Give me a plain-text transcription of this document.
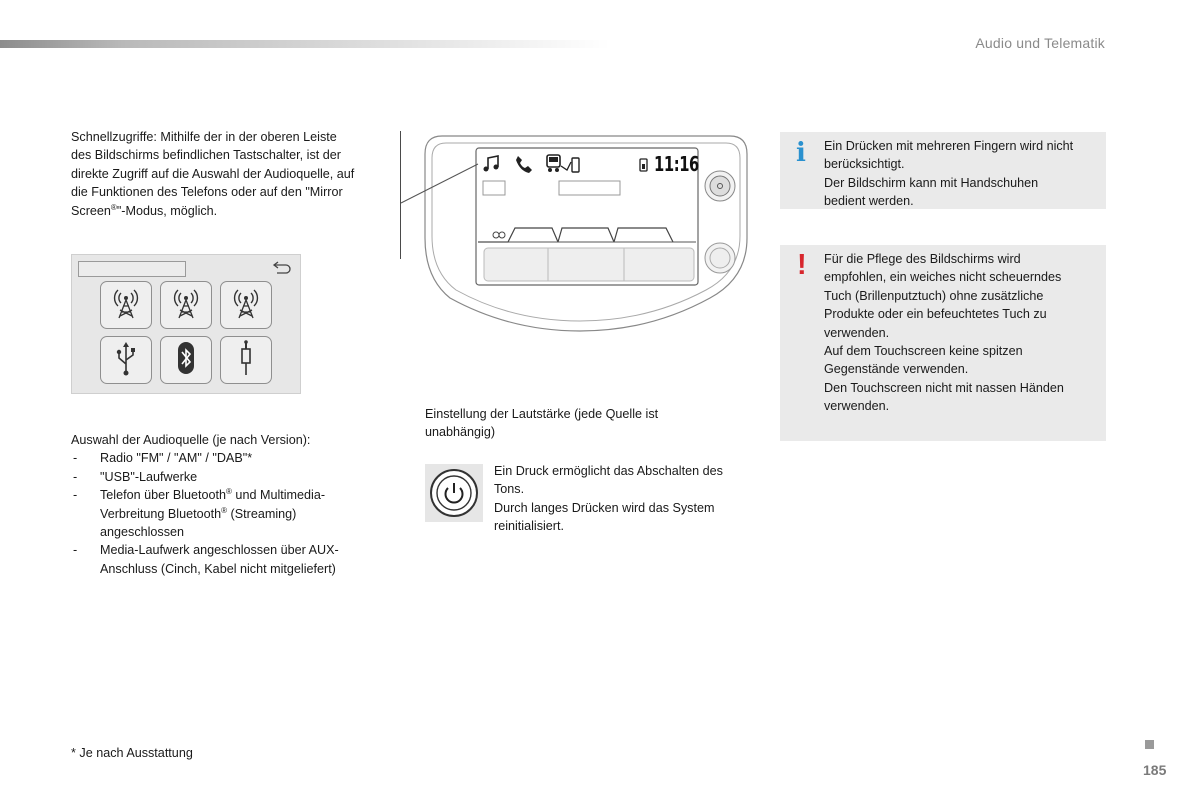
Audio und Telematik
Schnellzugriffe: Mithilfe der in der oberen Leiste
des Bildschirms befindlichen Tastschalter, ist der
direkte Zugriff auf die Auswahl der Audioquelle, auf
die Funktionen des Telefons oder auf den "Mirror
Screen®"-Modus, möglich.
Auswahl der Audioquelle (je nach Version):
- Radio "FM" / "AM" / "DAB"*
- "USB"-Laufwerke
- Telefon über Bluetooth® und Multimedia-
Verbreitung Bluetooth® (Streaming)
angeschlossen
- Media-Laufwerk angeschlossen über AUX-
Anschluss (Cinch, Kabel nicht mitgeliefert)
11:16
Einstellung der Lautstärke (jede Quelle ist
unabhängig)
Ein Druck ermöglicht das Abschalten des
Tons.
Durch langes Drücken wird das System
reinitialisiert.
i Ein Drücken mit mehreren Fingern wird nicht
berücksichtigt.
Der Bildschirm kann mit Handschuhen
bedient werden.
! Für die Pflege des Bildschirms wird
empfohlen, ein weiches nicht scheuerndes
Tuch (Brillenputztuch) ohne zusätzliche
Produkte oder ein befeuchtetes Tuch zu
verwenden.
Auf dem Touchscreen keine spitzen
Gegenstände verwenden.
Den Touchscreen nicht mit nassen Händen
verwenden.
* Je nach Ausstattung
185
